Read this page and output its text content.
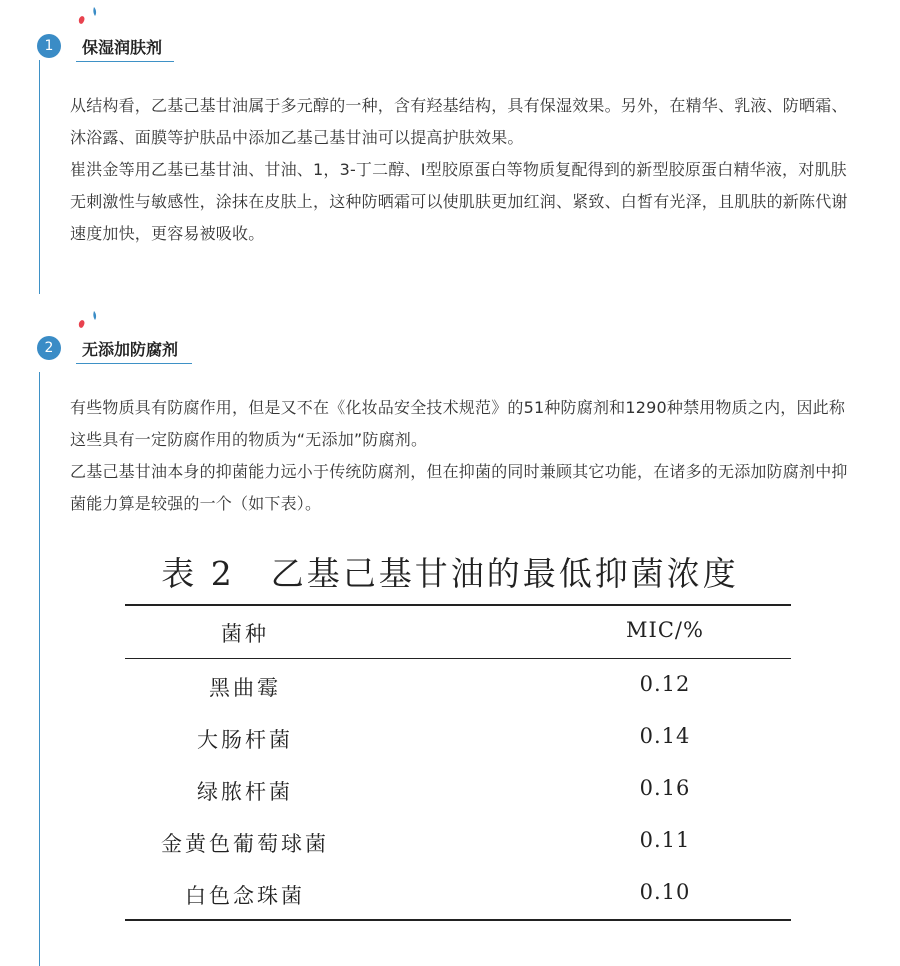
1	保湿润肤剂
从结构看，乙基己基甘油属于多元醇的一种，含有羟基结构，具有保湿效果。另外，在精华、乳液、防晒霜、沐浴露、面膜等护肤品中添加乙基己基甘油可以提高护肤效果。
崔洪金等用乙基已基甘油、甘油、1，3-丁二醇、I型胶原蛋白等物质复配得到的新型胶原蛋白精华液，对肌肤无刺激性与敏感性，涂抹在皮肤上，这种防晒霜可以使肌肤更加红润、紧致、白皙有光泽，且肌肤的新陈代谢速度加快，更容易被吸收。
2	无添加防腐剂
有些物质具有防腐作用，但是又不在《化妆品安全技术规范》的51种防腐剂和1290种禁用物质之内，因此称这些具有一定防腐作用的物质为“无添加”防腐剂。
乙基己基甘油本身的抑菌能力远小于传统防腐剂，但在抑菌的同时兼顾其它功能，在诸多的无添加防腐剂中抑菌能力算是较强的一个（如下表）。
表 2　乙基己基甘油的最低抑菌浓度
菌种	MIC/%
黑曲霉	0.12
大肠杆菌	0.14
绿脓杆菌	0.16
金黄色葡萄球菌	0.11
白色念珠菌	0.10
